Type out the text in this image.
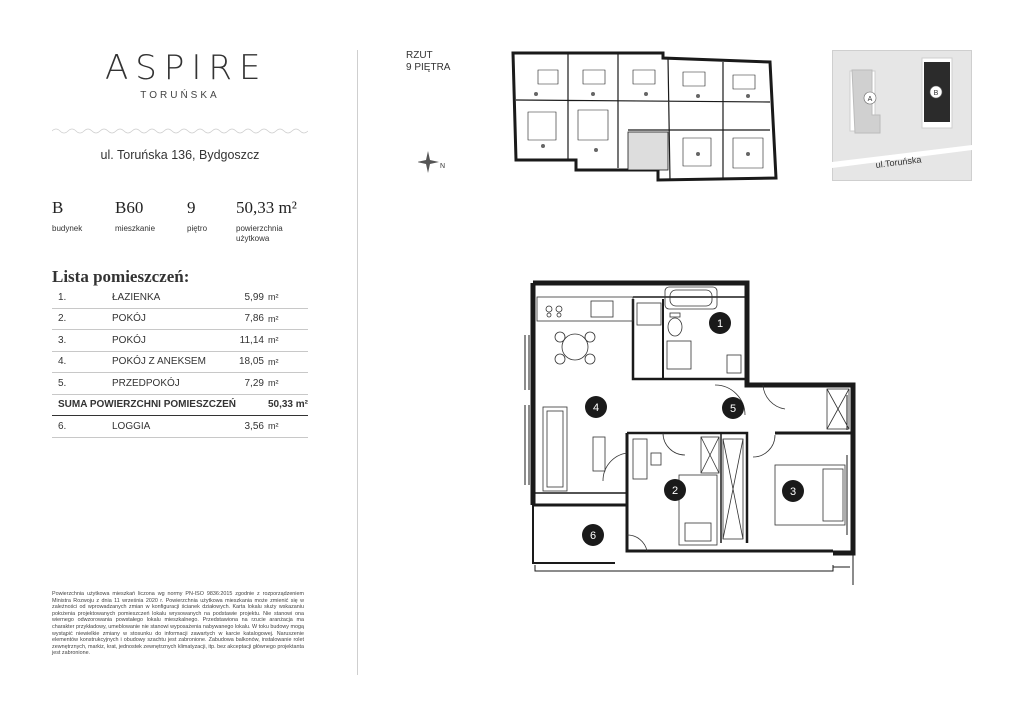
ASPIRE
TORUŃSKA
ul. Toruńska 136, Bydgoszcz
B	B60	9 50,33 m²
budynek	mieszkanie	piętro	powierzchnia użytkowa
Lista pomieszczeń:
1.	ŁAZIENKA	5,99	m²
2.	POKÓJ	7,86	m²
3.	POKÓJ	11,14	m²
4.	POKÓJ Z ANEKSEM	18,05	m²
5.	PRZEDPOKÓJ	7,29	m²
SUMA POWIERZCHNI POMIESZCZEŃ			50,33 m²
6.	LOGGIA	3,56	m²
Powierzchnia użytkowa mieszkań liczona wg normy PN-ISO 9836:2015 zgodnie z rozporządzeniem Ministra Rozwoju z dnia 11 września 2020 r. Powierzchnia użytkowa mieszkania może zmienić się w zależności od wprowadzanych zmian w konfiguracji ścianek działowych. Karta lokalu służy wskazaniu położenia projektowanych pomieszczeń lokalu wrysowanych na podstawie projektu. Nie stanowi ona wiernego odwzorowania powstałego lokalu mieszkalnego. Przedstawiona na rzucie aranżacja ma charakter przykładowy, umeblowanie nie stanowi wyposażenia nabywanego lokalu. W toku budowy mogą wystąpić niewielkie zmiany w stosunku do informacji zawartych w karcie katalogowej. Naruszenie elementów konstrukcyjnych i obudowy szachtu jest zabronione. Zabudowa balkonów, instalowanie rolet zewnętrznych, markiz, krat, jednostek zewnętrznych klimatyzacji, itp. bez akceptacji głównego projektanta jest zabronione.
RZUT
9 PIĘTRA
N
A
B
ul.Toruńska
1
2	3
4	5
6
